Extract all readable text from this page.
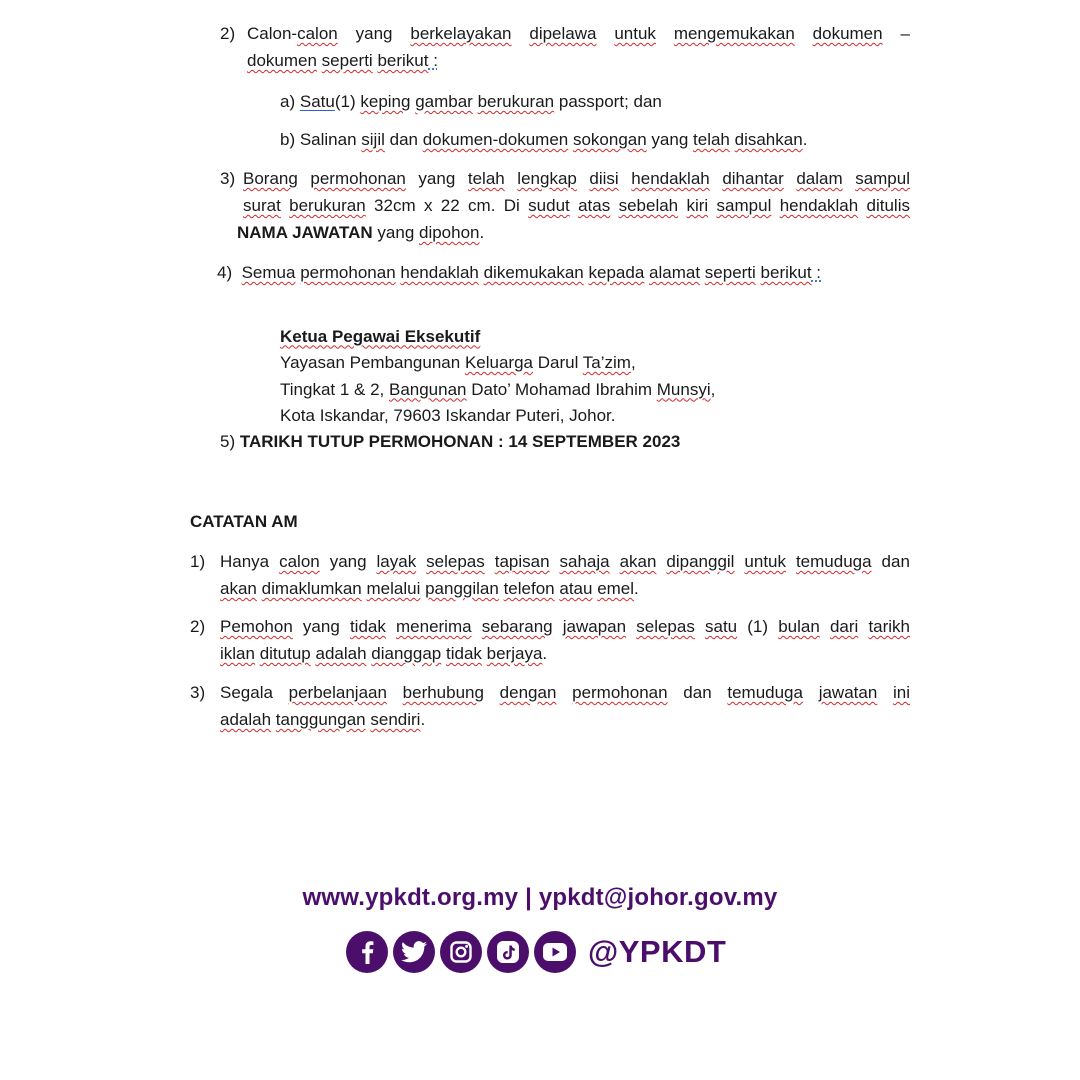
2) Calon-calon yang berkelayakan dipelawa untuk mengemukakan dokumen –
dokumen seperti berikut :
a) Satu(1) keping gambar berukuran passport; dan
b) Salinan sijil dan dokumen-dokumen sokongan yang telah disahkan.
3) Borang permohonan yang telah lengkap diisi hendaklah dihantar dalam sampul
surat berukuran 32cm x 22 cm. Di sudut atas sebelah kiri sampul hendaklah ditulis
NAMA JAWATAN yang dipohon.
4) Semua permohonan hendaklah dikemukakan kepada alamat seperti berikut :

Ketua Pegawai Eksekutif
Yayasan Pembangunan Keluarga Darul Ta’zim,
Tingkat 1 & 2, Bangunan Dato’ Mohamad Ibrahim Munsyi,
Kota Iskandar, 79603 Iskandar Puteri, Johor.

5) TARIKH TUTUP PERMOHONAN : 14 SEPTEMBER 2023
CATATAN AM
1) Hanya calon yang layak selepas tapisan sahaja akan dipanggil untuk temuduga dan
akan dimaklumkan melalui panggilan telefon atau emel.
2) Pemohon yang tidak menerima sebarang jawapan selepas satu (1) bulan dari tarikh
iklan ditutup adalah dianggap tidak berjaya.
3) Segala perbelanjaan berhubung dengan permohonan dan temuduga jawatan ini
adalah tanggungan sendiri.
www.ypkdt.org.my | ypkdt@johor.gov.my
@YPKDT
